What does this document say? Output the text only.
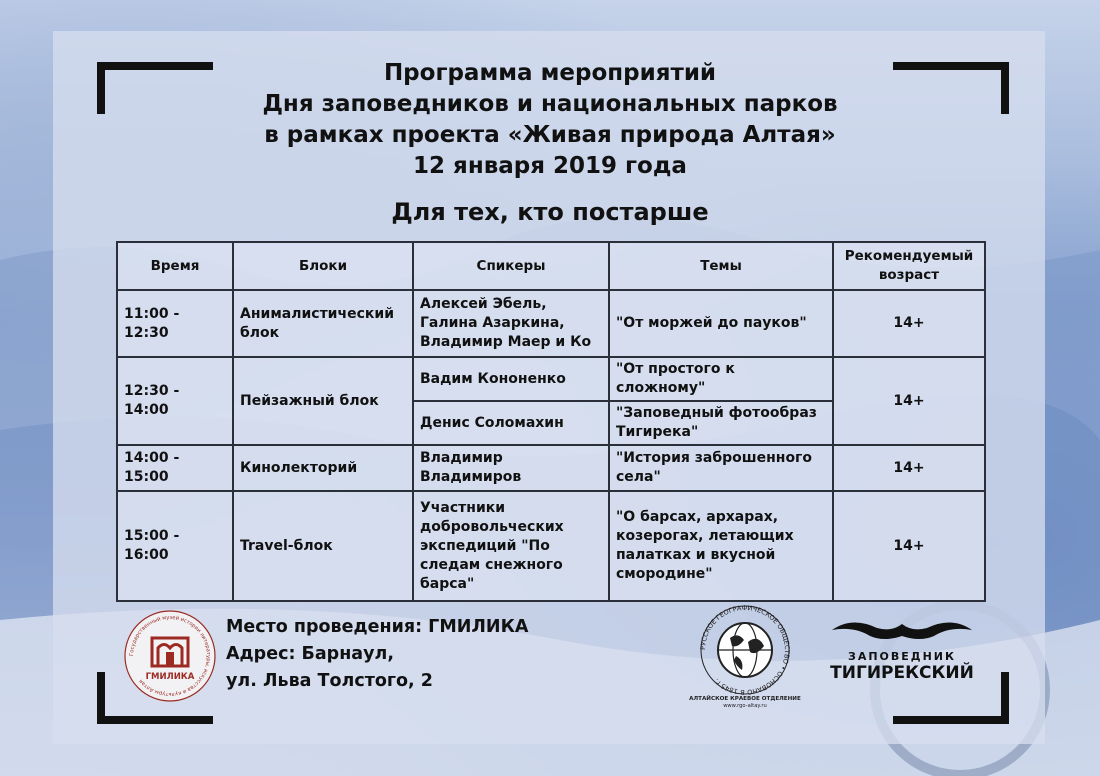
Программа мероприятий
Дня заповедников и национальных парков
в рамках проекта «Живая природа Алтая»
12 января 2019 года
Для тех, кто постарше
Время	Блоки	Спикеры	Темы	Рекомендуемый возраст
11:00 - 12:30	Анималистический блок	Алексей Эбель, Галина Азаркина, Владимир Маер и Ко	"От моржей до пауков"	14+
12:30 - 14:00	Пейзажный блок	Вадим Кононенко	"От простого к сложному"	14+
		Денис Соломахин	"Заповедный фотообраз Тигирека"	
14:00 - 15:00	Кинолекторий	Владимир Владимиров	"История заброшенного села"	14+
15:00 - 16:00	Travel-блок	Участники добровольческих экспедиций "По следам снежного барса"	"О барсах, архарах, козерогах, летающих палатках и вкусной смородине"	14+
Государственный музей истории литературы, искусства и культуры Алтая ГМИЛИКА
Место проведения: ГМИЛИКА
Адрес: Барнаул,
ул. Льва Толстого, 2
РУССКОЕ ГЕОГРАФИЧЕСКОЕ ОБЩЕСТВО • ОСНОВАНО В 1845 г.
АЛТАЙСКОЕ КРАЕВОЕ ОТДЕЛЕНИЕ
www.rgo-altay.ru
ЗАПОВЕДНИК
ТИГИРЕКСКИЙ
